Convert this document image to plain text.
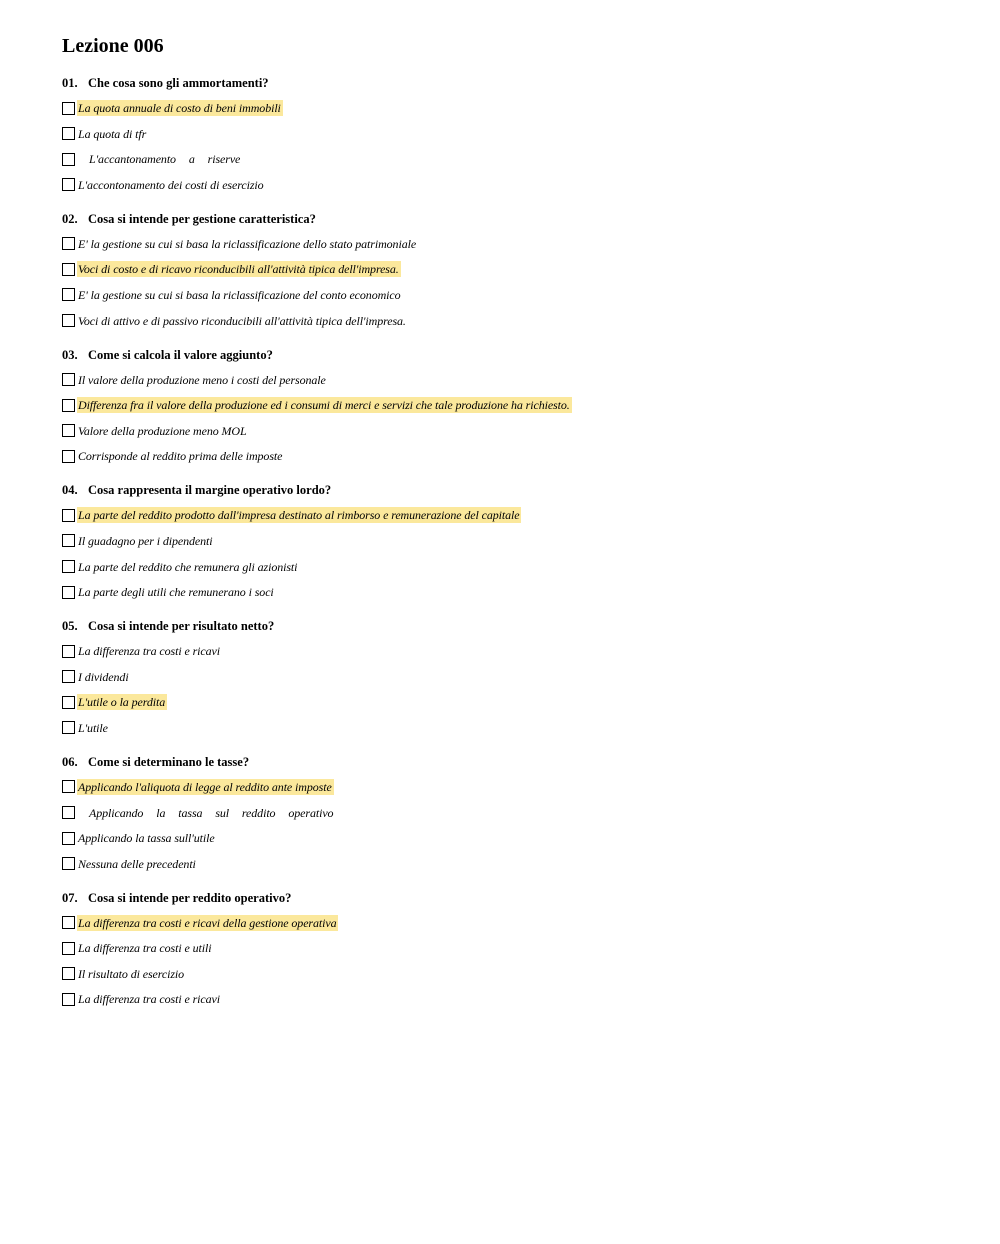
Lezione 006
01. Che cosa sono gli ammortamenti?
La quota annuale di costo di beni immobili
La quota di tfr
L'accantonamento a riserve
L'accontonamento dei costi di esercizio
02. Cosa si intende per gestione caratteristica?
E' la gestione su cui si basa la riclassificazione dello stato patrimoniale
Voci di costo e di ricavo riconducibili all'attività tipica dell'impresa.
E' la gestione su cui si basa la riclassificazione del conto economico
Voci di attivo e di passivo riconducibili all'attività tipica dell'impresa.
03. Come si calcola il valore aggiunto?
Il valore della produzione meno i costi del personale
Differenza fra il valore della produzione ed i consumi di merci e servizi che tale produzione ha richiesto.
Valore della produzione meno MOL
Corrisponde al reddito prima delle imposte
04. Cosa rappresenta il margine operativo lordo?
La parte del reddito prodotto dall'impresa destinato al rimborso e remunerazione del capitale
Il guadagno per i dipendenti
La parte del reddito che remunera gli azionisti
La parte degli utili che remunerano i soci
05. Cosa si intende per risultato netto?
La differenza tra costi e ricavi
I dividendi
L'utile o la perdita
L'utile
06. Come si determinano le tasse?
Applicando l'aliquota di legge al reddito ante imposte
Applicando la tassa sul reddito operativo
Applicando la tassa sull'utile
Nessuna delle precedenti
07. Cosa si intende per reddito operativo?
La differenza tra costi e ricavi della gestione operativa
La differenza tra costi e utili
Il risultato di esercizio
La differenza tra costi e ricavi
